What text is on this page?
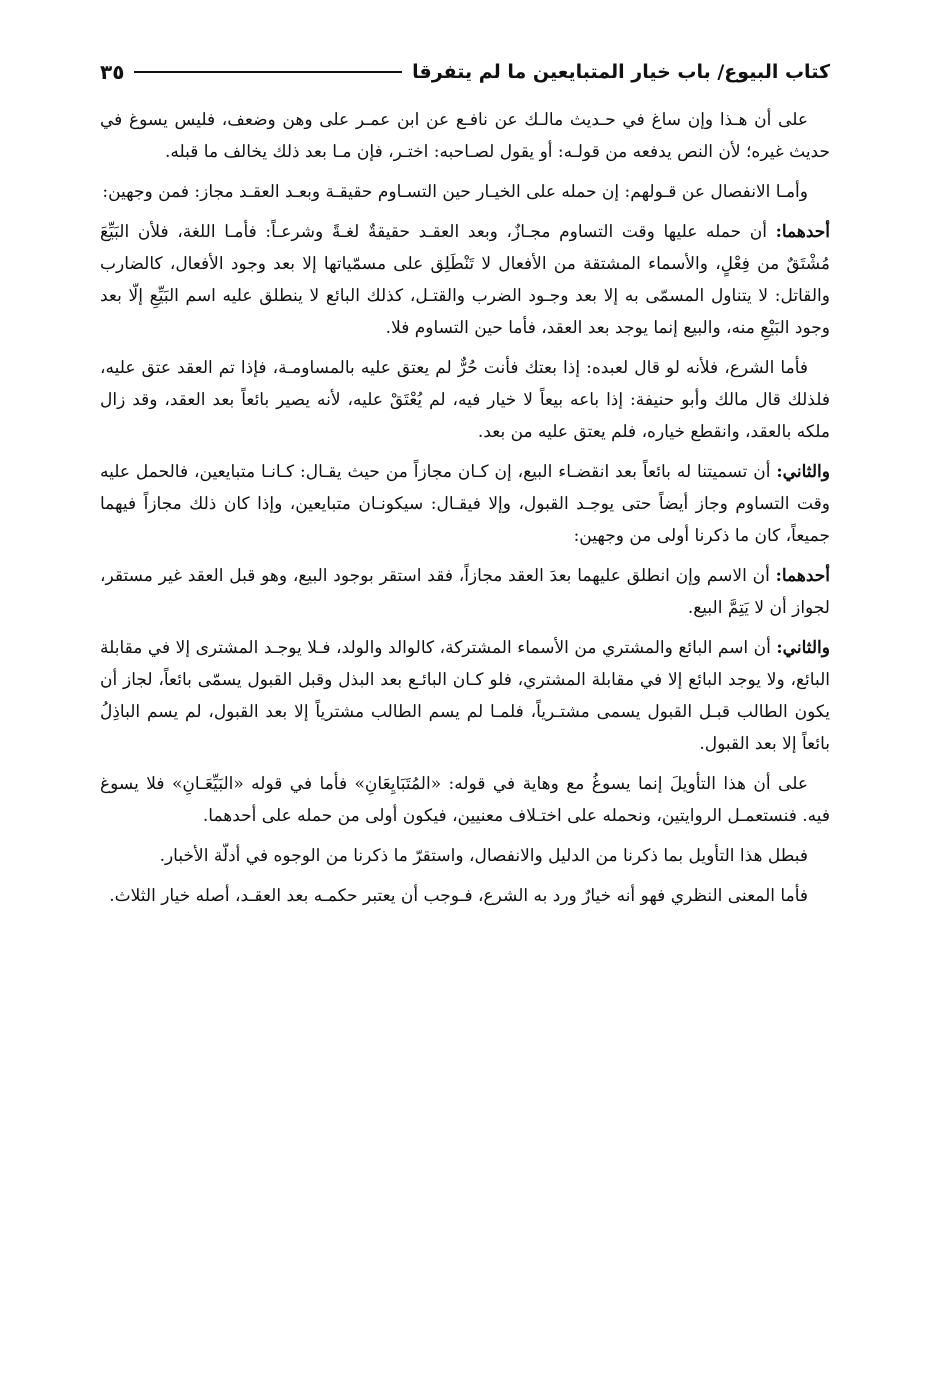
كتاب البيوع/ باب خيار المتبايعين ما لم يتفرقا
٣٥

على أن هـذا وإن ساغ في حـديث مالـك عن نافـع عن ابن عمـر على وهن وضعف، فليس يسوغ في حديث غيره؛ لأن النص يدفعه من قولـه: أو يقول لصـاحبه: اختـر، فإن مـا بعد ذلك يخالف ما قبله.

وأمـا الانفصال عن قـولهم: إن حمله على الخيـار حين التسـاوم حقيقـة وبعـد العقـد مجاز: فمن وجهين:

أحدهما: أن حمله عليها وقت التساوم مجـازٌ، وبعد العقـد حقيقةٌ لغـةً وشرعـاً: فأمـا اللغة، فلأن البَيِّعَ مُشْتَقٌ من فِعْلٍ، والأسماء المشتقة من الأفعال لا تَنْطَلِق على مسمّياتها إلا بعد وجود الأفعال، كالضارب والقاتل: لا يتناول المسمّى به إلا بعد وجـود الضرب والقتـل، كذلك البائع لا ينطلق عليه اسم البَيِّعِ إلّا بعد وجود البَيْعِ منه، والبيع إنما يوجد بعد العقد، فأما حين التساوم فلا.

فأما الشرع، فلأنه لو قال لعبده: إذا بعتك فأنت حُرٌّ لم يعتق عليه بالمساومـة، فإذا تم العقد عتق عليه، فلذلك قال مالك وأبو حنيفة: إذا باعه بيعاً لا خيار فيه، لم يُعْتَقْ عليه، لأنه يصير بائعاً بعد العقد، وقد زال ملكه بالعقد، وانقطع خياره، فلم يعتق عليه من بعد.

والثاني: أن تسميتنا له بائعاً بعد انقضـاء البيع، إن كـان مجازاً من حيث يقـال: كـانـا متبايعين، فالحمل عليه وقت التساوم وجاز أيضاً حتى يوجـد القبول، وإلا فيقـال: سيكونـان متبايعين، وإذا كان ذلك مجازاً فيهما جميعاً، كان ما ذكرنا أولى من وجهين:

أحدهما: أن الاسم وإن انطلق عليهما بعدَ العقد مجازاً، فقد استقر بوجود البيع، وهو قبل العقد غير مستقر، لجواز أن لا يَتِمَّ البيع.

والثاني: أن اسم البائع والمشتري من الأسماء المشتركة، كالوالد والولد، فـلا يوجـد المشترى إلا في مقابلة البائع، ولا يوجد البائع إلا في مقابلة المشتري، فلو كـان البائـع بعد البذل وقبل القبول يسمّى بائعاً، لجاز أن يكون الطالب قبـل القبول يسمى مشتـرياً، فلمـا لم يسم الطالب مشترياً إلا بعد القبول، لم يسم الباذِلُ بائعاً إلا بعد القبول.

على أن هذا التأويلَ إنما يسوغُ مع وهاية في قوله: «المُتَبَايِعَانِ» فأما في قوله «البَيِّعَـانِ» فلا يسوغ فيه. فنستعمـل الروايتين، ونحمله على اختـلاف معنيين، فيكون أولى من حمله على أحدهما.

فبطل هذا التأويل بما ذكرنا من الدليل والانفصال، واستقرّ ما ذكرنا من الوجوه في أدلّة الأخبار.

فأما المعنى النظري فهو أنه خيارٌ ورد به الشرع، فـوجب أن يعتبر حكمـه بعد العقـد، أصله خيار الثلاث.
